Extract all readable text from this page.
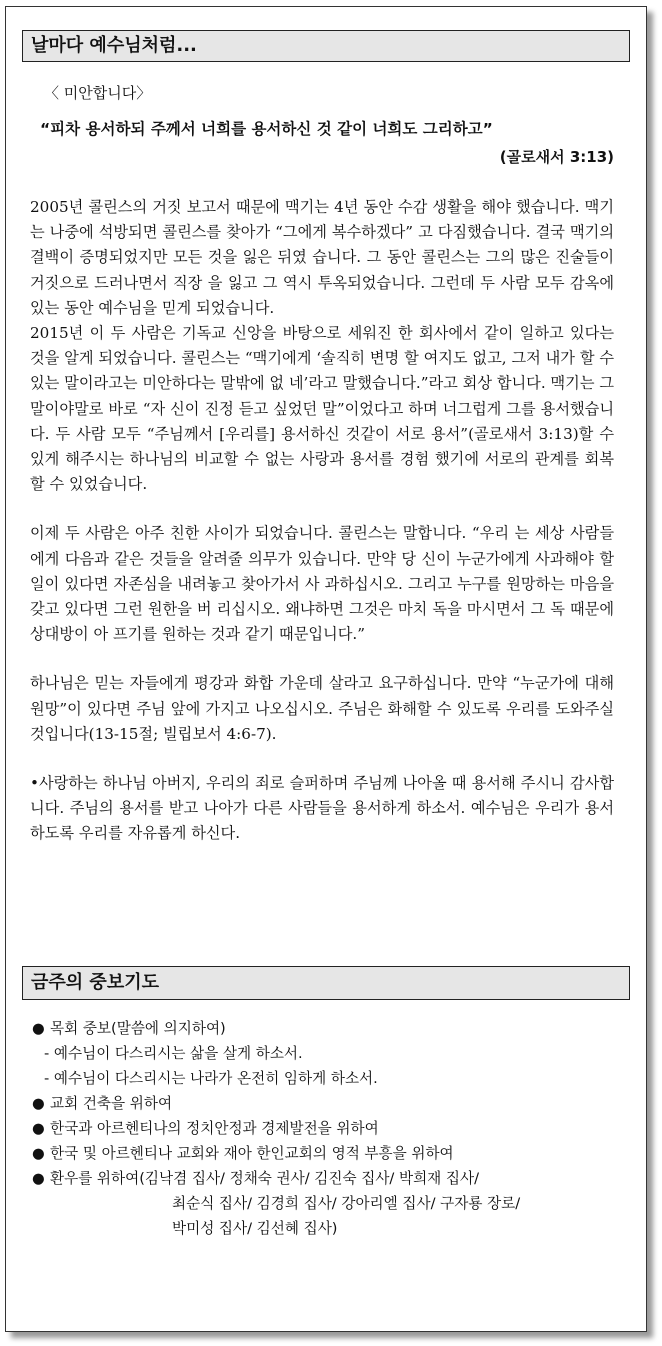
날마다 예수님처럼...
〈 미안합니다〉
“피차 용서하되 주께서 너희를 용서하신 것 같이 너희도 그리하고”
(골로새서 3:13)

2005년 콜린스의 거짓 보고서 때문에 맥기는 4년 동안 수감 생활을 해야 했습니다. 맥기는 나중에 석방되면 콜린스를 찾아가 “그에게 복수하겠다” 고 다짐했습니다. 결국 맥기의 결백이 증명되었지만 모든 것을 잃은 뒤였 습니다. 그 동안 콜린스는 그의 많은 진술들이 거짓으로 드러나면서 직장 을 잃고 그 역시 투옥되었습니다. 그런데 두 사람 모두 감옥에 있는 동안 예수님을 믿게 되었습니다.

2015년 이 두 사람은 기독교 신앙을 바탕으로 세워진 한 회사에서 같이 일하고 있다는 것을 알게 되었습니다. 콜린스는 “맥기에게 ‘솔직히 변명 할 여지도 없고, 그저 내가 할 수 있는 말이라고는 미안하다는 말밖에 없 네’라고 말했습니다.”라고 회상 합니다. 맥기는 그 말이야말로 바로 “자 신이 진정 듣고 싶었던 말”이었다고 하며 너그럽게 그를 용서했습니다. 두 사람 모두 “주님께서 [우리를] 용서하신 것같이 서로 용서”(골로새서 3:13)할 수 있게 해주시는 하나님의 비교할 수 없는 사랑과 용서를 경험 했기에 서로의 관계를 회복할 수 있었습니다.

이제 두 사람은 아주 친한 사이가 되었습니다. 콜린스는 말합니다. “우리 는 세상 사람들에게 다음과 같은 것들을 알려줄 의무가 있습니다. 만약 당 신이 누군가에게 사과해야 할 일이 있다면 자존심을 내려놓고 찾아가서 사 과하십시오. 그리고 누구를 원망하는 마음을 갖고 있다면 그런 원한을 버 리십시오. 왜냐하면 그것은 마치 독을 마시면서 그 독 때문에 상대방이 아 프기를 원하는 것과 같기 때문입니다.”

하나님은 믿는 자들에게 평강과 화합 가운데 살라고 요구하십니다. 만약 “누군가에 대해 원망”이 있다면 주님 앞에 가지고 나오십시오. 주님은 화해할 수 있도록 우리를 도와주실 것입니다(13-15절; 빌립보서 4:6-7).

•사랑하는 하나님 아버지, 우리의 죄로 슬퍼하며 주님께 나아올 때 용서해 주시니 감사합니다. 주님의 용서를 받고 나아가 다른 사람들을 용서하게 하소서. 예수님은 우리가 용서하도록 우리를 자유롭게 하신다.

금주의 중보기도
● 목회 중보(말씀에 의지하여)
- 예수님이 다스리시는 삶을 살게 하소서.
- 예수님이 다스리시는 나라가 온전히 임하게 하소서.
● 교회 건축을 위하여
● 한국과 아르헨티나의 정치안정과 경제발전을 위하여
● 한국 및 아르헨티나 교회와 재아 한인교회의 영적 부흥을 위하여
● 환우를 위하여(김낙겸 집사/ 정채숙 권사/ 김진숙 집사/ 박희재 집사/
최순식 집사/ 김경희 집사/ 강아리엘 집사/ 구자룡 장로/
박미성 집사/ 김선혜 집사)
